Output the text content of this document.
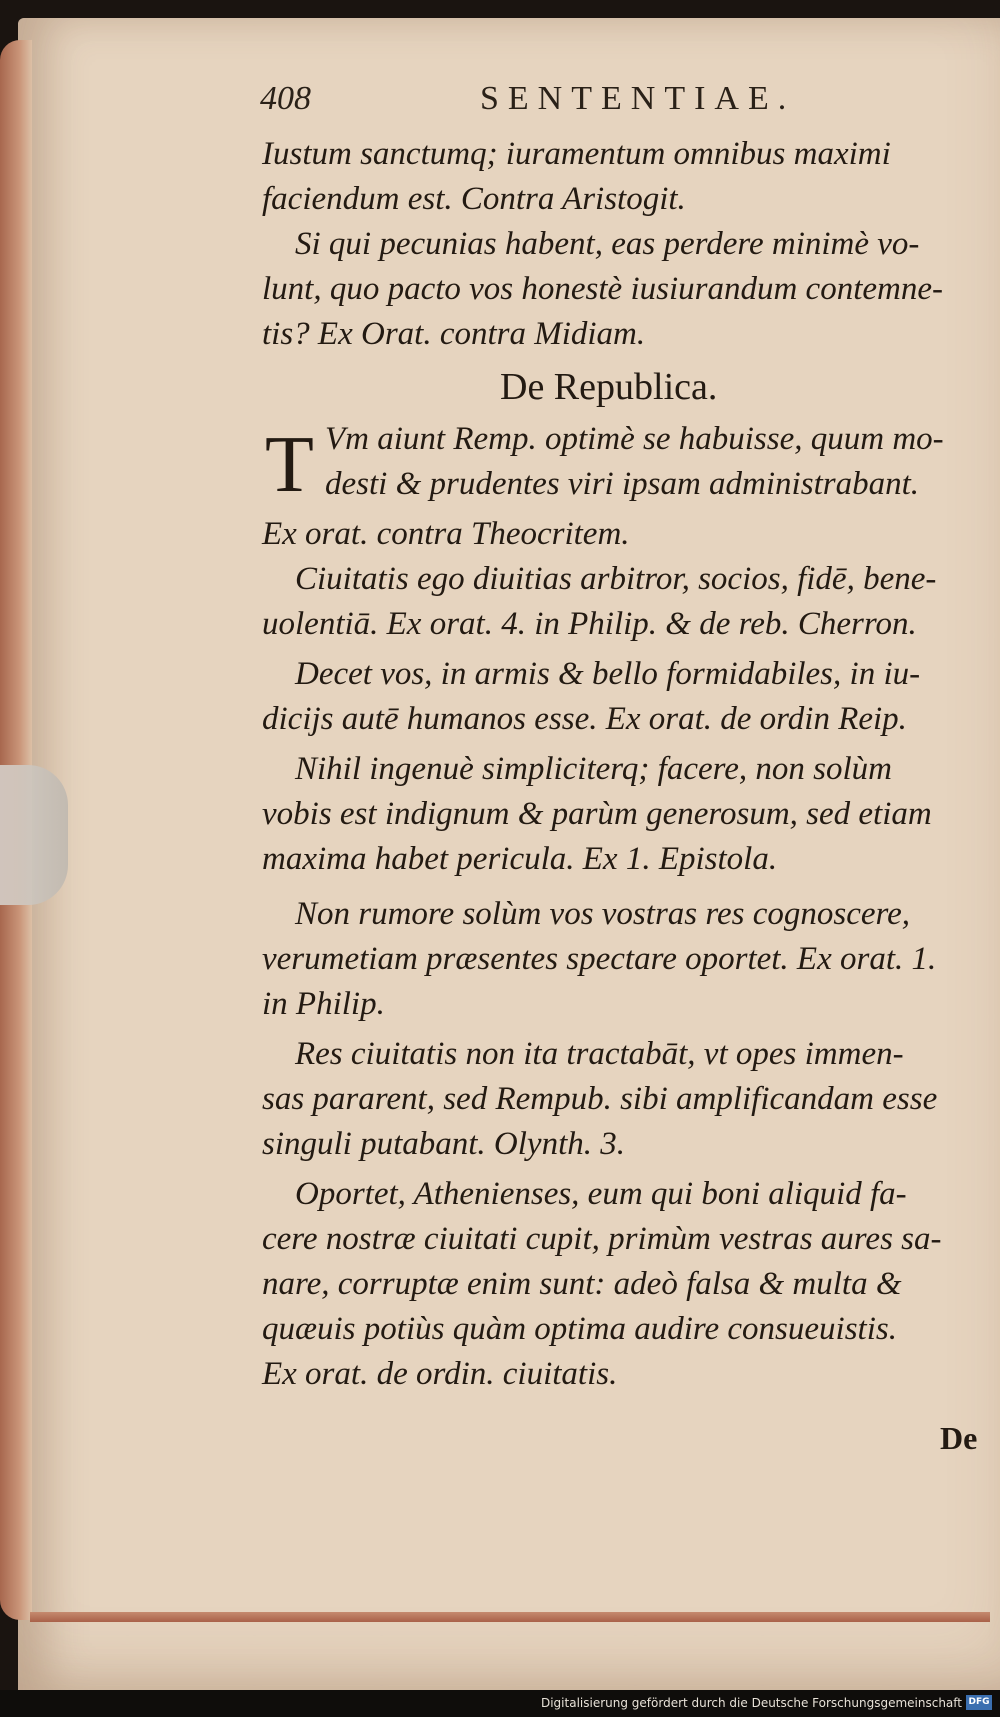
408	SENTENTIAE.
Iustum sanctumq; iuramentum omnibus maximi
faciendum est. Contra Aristogit.
Si qui pecunias habent, eas perdere minimè vo-
lunt, quo pacto vos honestè iusiurandum contemne-
tis? Ex Orat. contra Midiam.
De Republica.
T Vm aiunt Remp. optimè se habuisse, quum mo-
desti & prudentes viri ipsam administrabant.
Ex orat. contra Theocritem.
Ciuitatis ego diuitias arbitror, socios, fidē, bene-
uolentiā. Ex orat. 4. in Philip. & de reb. Cherron.
Decet vos, in armis & bello formidabiles, in iu-
dicijs autē humanos esse. Ex orat. de ordin Reip.
Nihil ingenuè simpliciterq; facere, non solùm
vobis est indignum & parùm generosum, sed etiam
maxima habet pericula. Ex 1. Epistola.
Non rumore solùm vos vostras res cognoscere,
verumetiam præsentes spectare oportet. Ex orat. 1.
in Philip.
Res ciuitatis non ita tractabāt, vt opes immen-
sas pararent, sed Rempub. sibi amplificandam esse
singuli putabant. Olynth. 3.
Oportet, Athenienses, eum qui boni aliquid fa-
cere nostræ ciuitati cupit, primùm vestras aures sa-
nare, corruptæ enim sunt: adeò falsa & multa &
quæuis potiùs quàm optima audire consueuistis.
Ex orat. de ordin. ciuitatis.
De
Digitalisierung gefördert durch die Deutsche Forschungsgemeinschaft DFG
